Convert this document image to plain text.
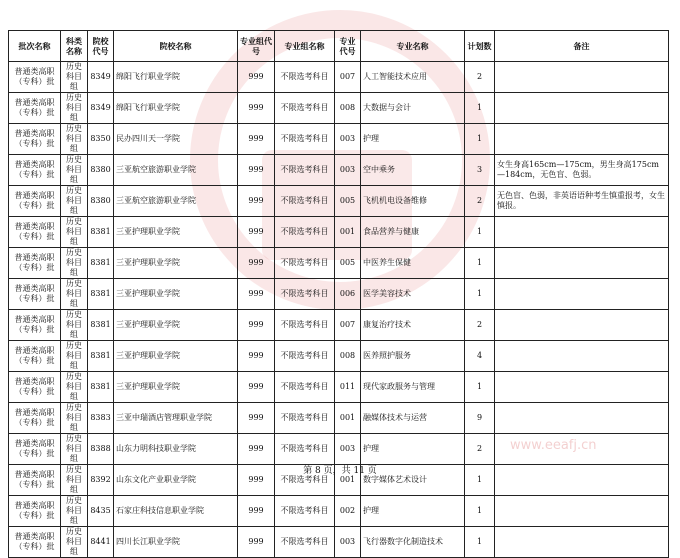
批次名称	科类名称	院校代号	院校名称	专业组代号	专业组名称	专业代号	专业名称	计划数	备注
普通类高职（专科）批	历史科目组	8349	绵阳飞行职业学院	999	不限选考科目	007	人工智能技术应用	2	
普通类高职（专科）批	历史科目组	8349	绵阳飞行职业学院	999	不限选考科目	008	大数据与会计	1	
普通类高职（专科）批	历史科目组	8350	民办四川天一学院	999	不限选考科目	003	护理	1	
普通类高职（专科）批	历史科目组	8380	三亚航空旅游职业学院	999	不限选考科目	003	空中乘务	3	女生身高165cm—175cm，男生身高175cm—184cm，无色盲、色弱。
普通类高职（专科）批	历史科目组	8380	三亚航空旅游职业学院	999	不限选考科目	005	飞机机电设备维修	2	无色盲、色弱，非英语语种考生慎重报考，女生慎报。
普通类高职（专科）批	历史科目组	8381	三亚护理职业学院	999	不限选考科目	001	食品营养与健康	1	
普通类高职（专科）批	历史科目组	8381	三亚护理职业学院	999	不限选考科目	005	中医养生保健	1	
普通类高职（专科）批	历史科目组	8381	三亚护理职业学院	999	不限选考科目	006	医学美容技术	1	
普通类高职（专科）批	历史科目组	8381	三亚护理职业学院	999	不限选考科目	007	康复治疗技术	2	
普通类高职（专科）批	历史科目组	8381	三亚护理职业学院	999	不限选考科目	008	医养照护服务	4	
普通类高职（专科）批	历史科目组	8381	三亚护理职业学院	999	不限选考科目	011	现代家政服务与管理	1	
普通类高职（专科）批	历史科目组	8383	三亚中瑞酒店管理职业学院	999	不限选考科目	001	融媒体技术与运营	9	
普通类高职（专科）批	历史科目组	8388	山东力明科技职业学院	999	不限选考科目	003	护理	2	
普通类高职（专科）批	历史科目组	8392	山东文化产业职业学院	999	不限选考科目	001	数字媒体艺术设计	1	
普通类高职（专科）批	历史科目组	8435	石家庄科技信息职业学院	999	不限选考科目	002	护理	1	
普通类高职（专科）批	历史科目组	8441	四川长江职业学院	999	不限选考科目	003	飞行器数字化制造技术	1	
第 8 页，共 11 页
www.eeafj.cn
